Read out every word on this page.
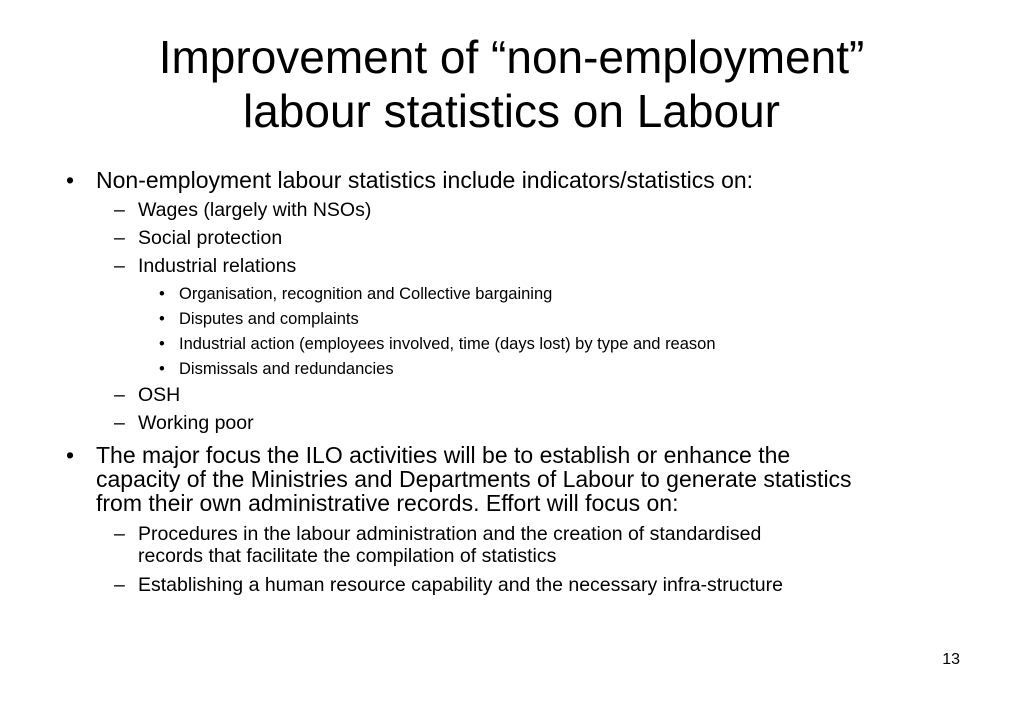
Improvement of “non-employment”
labour statistics on Labour
• Non-employment labour statistics include indicators/statistics on:
– Wages (largely with NSOs)
– Social protection
– Industrial relations
• Organisation, recognition and Collective bargaining
• Disputes and complaints
• Industrial action (employees involved, time (days lost) by type and reason
• Dismissals and redundancies
– OSH
– Working poor
• The major focus the ILO activities will be to establish or enhance the
capacity of the Ministries and Departments of Labour to generate statistics
from their own administrative records. Effort will focus on:
– Procedures in the labour administration and the creation of standardised
records that facilitate the compilation of statistics
– Establishing a human resource capability and the necessary infra-structure
13
